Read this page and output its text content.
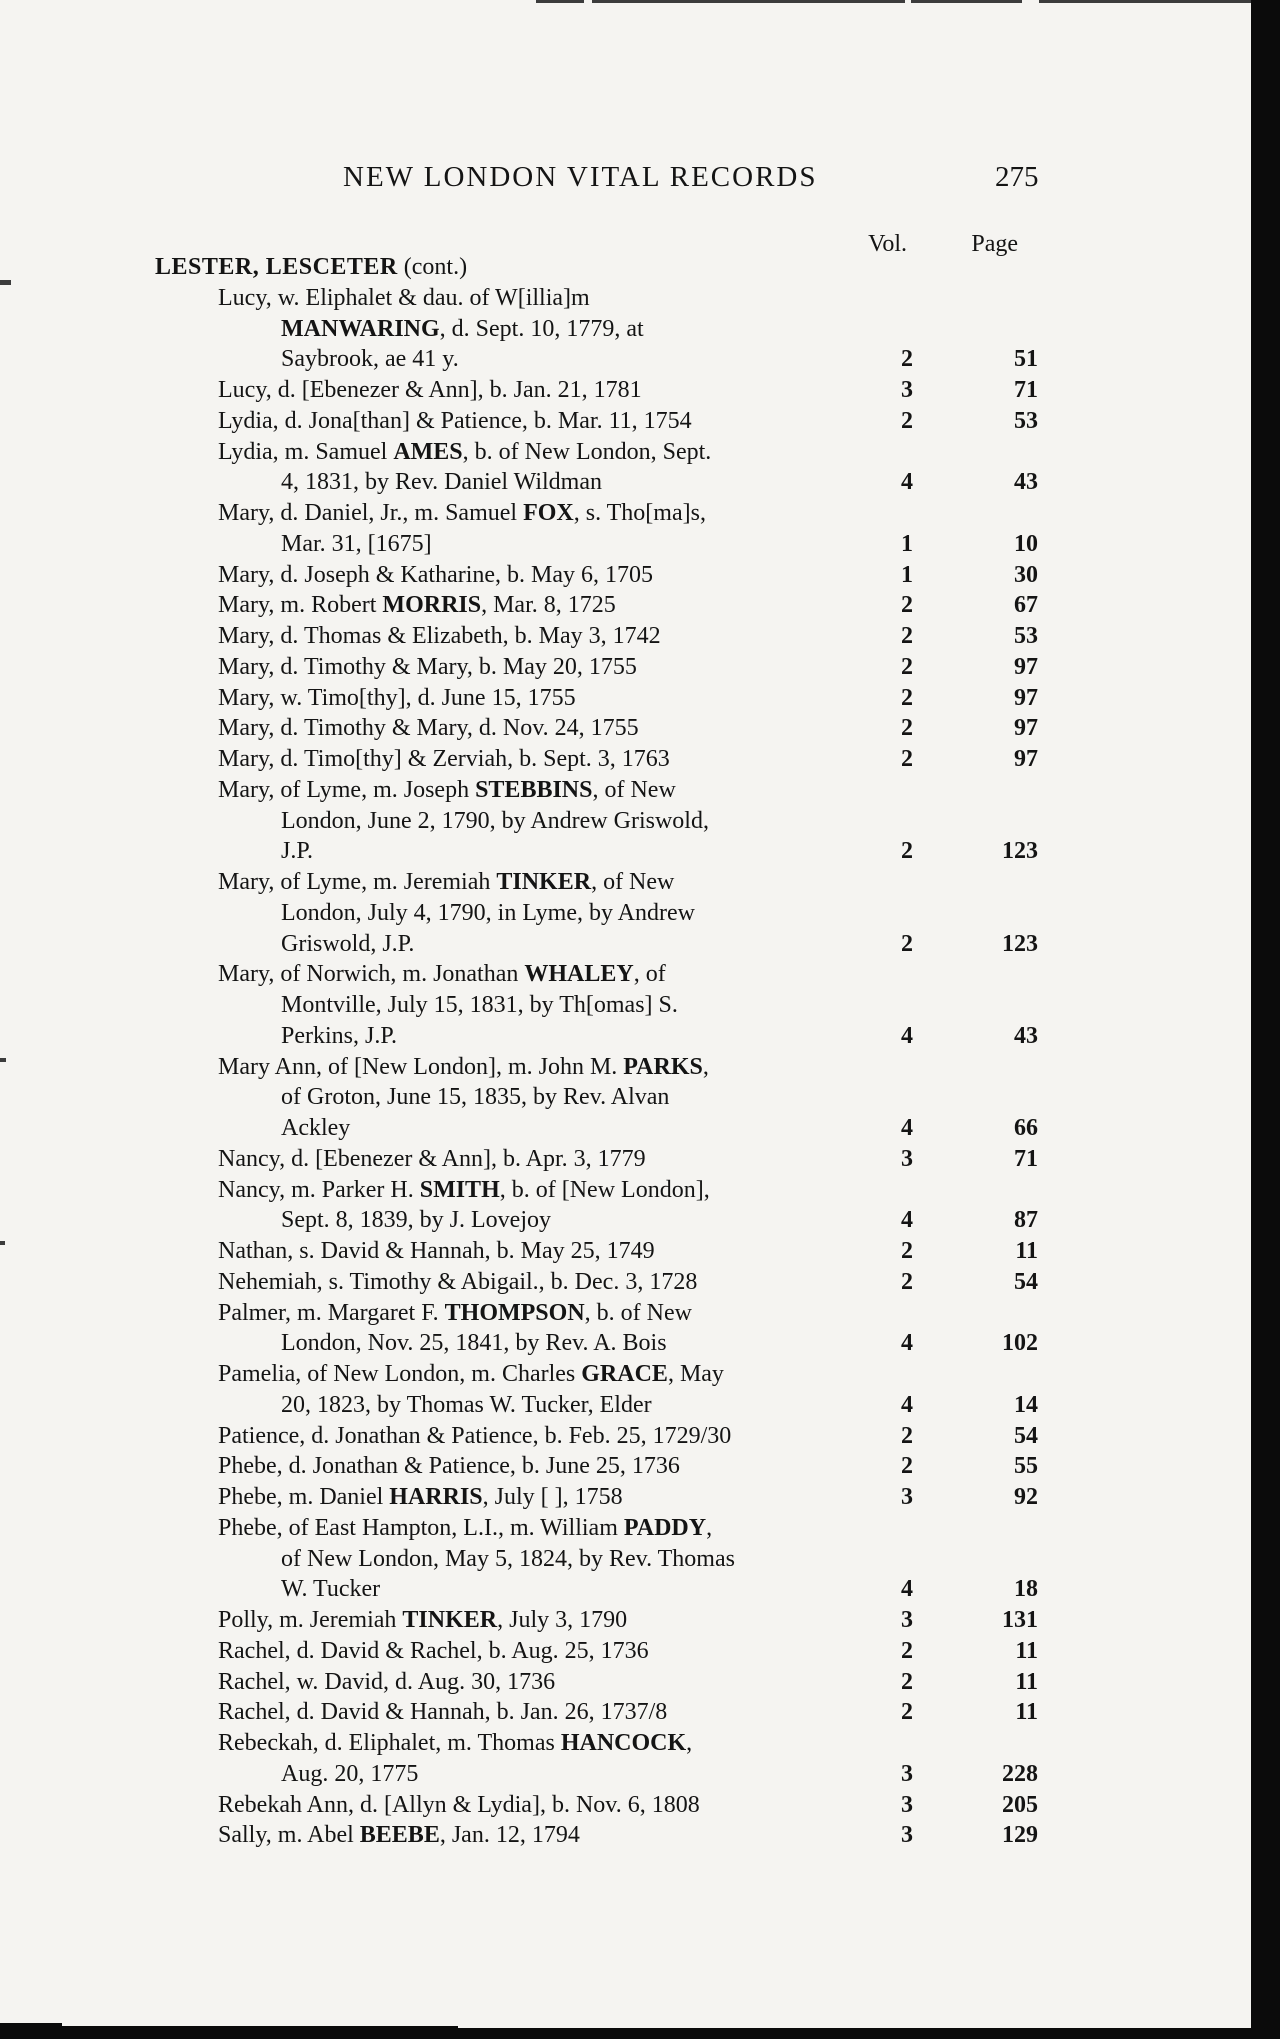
NEW LONDON VITAL RECORDS	275
Vol.	Page
LESTER, LESCETER (cont.)
Lucy, w. Eliphalet & dau. of W[illia]m
MANWARING, d. Sept. 10, 1779, at
Saybrook, ae 41 y.	2	51
Lucy, d. [Ebenezer & Ann], b. Jan. 21, 1781	3	71
Lydia, d. Jona[than] & Patience, b. Mar. 11, 1754	2	53
Lydia, m. Samuel AMES, b. of New London, Sept.
4, 1831, by Rev. Daniel Wildman	4	43
Mary, d. Daniel, Jr., m. Samuel FOX, s. Tho[ma]s,
Mar. 31, [1675]	1	10
Mary, d. Joseph & Katharine, b. May 6, 1705	1	30
Mary, m. Robert MORRIS, Mar. 8, 1725	2	67
Mary, d. Thomas & Elizabeth, b. May 3, 1742	2	53
Mary, d. Timothy & Mary, b. May 20, 1755	2	97
Mary, w. Timo[thy], d. June 15, 1755	2	97
Mary, d. Timothy & Mary, d. Nov. 24, 1755	2	97
Mary, d. Timo[thy] & Zerviah, b. Sept. 3, 1763	2	97
Mary, of Lyme, m. Joseph STEBBINS, of New
London, June 2, 1790, by Andrew Griswold,
J.P.	2	123
Mary, of Lyme, m. Jeremiah TINKER, of New
London, July 4, 1790, in Lyme, by Andrew
Griswold, J.P.	2	123
Mary, of Norwich, m. Jonathan WHALEY, of
Montville, July 15, 1831, by Th[omas] S.
Perkins, J.P.	4	43
Mary Ann, of [New London], m. John M. PARKS,
of Groton, June 15, 1835, by Rev. Alvan
Ackley	4	66
Nancy, d. [Ebenezer & Ann], b. Apr. 3, 1779	3	71
Nancy, m. Parker H. SMITH, b. of [New London],
Sept. 8, 1839, by J. Lovejoy	4	87
Nathan, s. David & Hannah, b. May 25, 1749	2	11
Nehemiah, s. Timothy & Abigail., b. Dec. 3, 1728	2	54
Palmer, m. Margaret F. THOMPSON, b. of New
London, Nov. 25, 1841, by Rev. A. Bois	4	102
Pamelia, of New London, m. Charles GRACE, May
20, 1823, by Thomas W. Tucker, Elder	4	14
Patience, d. Jonathan & Patience, b. Feb. 25, 1729/30	2	54
Phebe, d. Jonathan & Patience, b. June 25, 1736	2	55
Phebe, m. Daniel HARRIS, July [ ], 1758	3	92
Phebe, of East Hampton, L.I., m. William PADDY,
of New London, May 5, 1824, by Rev. Thomas
W. Tucker	4	18
Polly, m. Jeremiah TINKER, July 3, 1790	3	131
Rachel, d. David & Rachel, b. Aug. 25, 1736	2	11
Rachel, w. David, d. Aug. 30, 1736	2	11
Rachel, d. David & Hannah, b. Jan. 26, 1737/8	2	11
Rebeckah, d. Eliphalet, m. Thomas HANCOCK,
Aug. 20, 1775	3	228
Rebekah Ann, d. [Allyn & Lydia], b. Nov. 6, 1808	3	205
Sally, m. Abel BEEBE, Jan. 12, 1794	3	129
